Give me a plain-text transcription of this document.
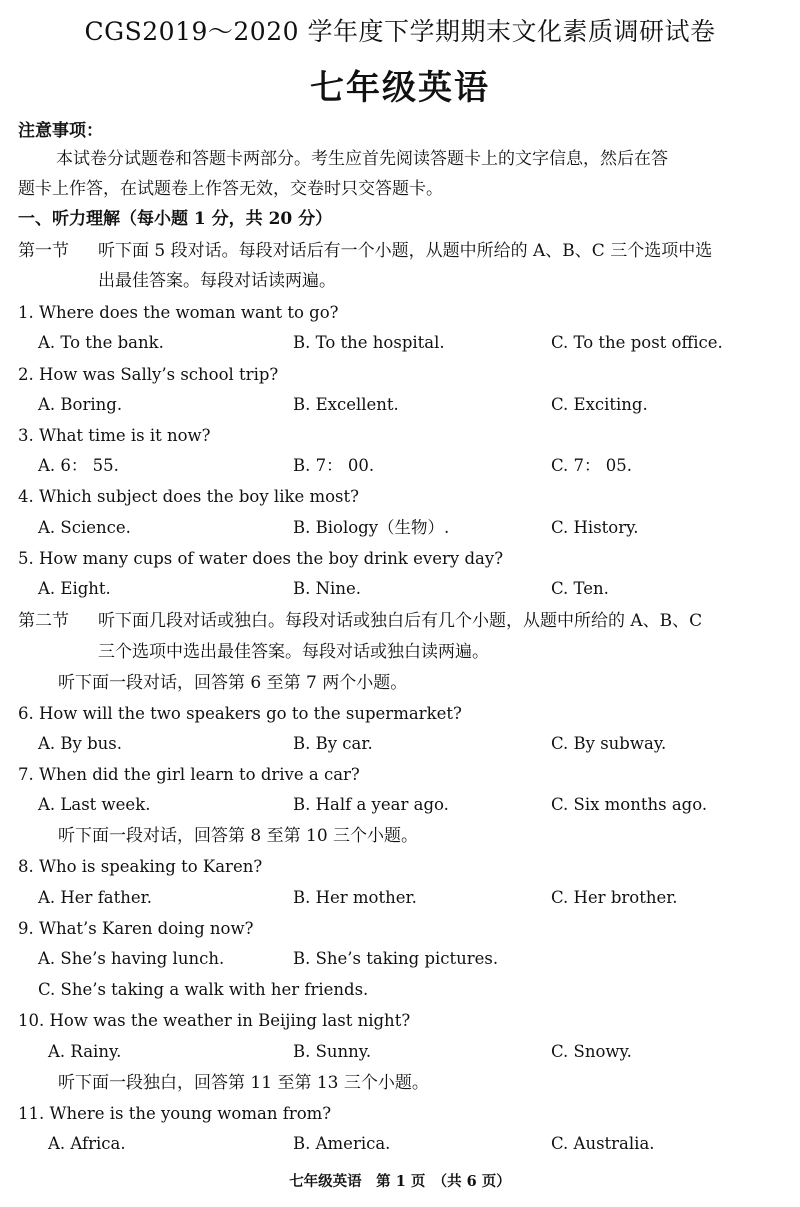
CGS2019～2020 学年度下学期期末文化素质调研试卷
七年级英语
注意事项：
本试卷分试题卷和答题卡两部分。考生应首先阅读答题卡上的文字信息，然后在答
题卡上作答，在试题卷上作答无效，交卷时只交答题卡。
一、听力理解（每小题 1 分，共 20 分）
第一节 听下面 5 段对话。每段对话后有一个小题，从题中所给的 A、B、C 三个选项中选
出最佳答案。每段对话读两遍。
1. Where does the woman want to go?
A. To the bank.	B. To the hospital.	C. To the post office.
2. How was Sally’s school trip?
A. Boring.	B. Excellent.	C. Exciting.
3. What time is it now?
A. 6： 55.	B. 7： 00.	C. 7： 05.
4. Which subject does the boy like most?
A. Science.	B. Biology（生物）.	C. History.
5. How many cups of water does the boy drink every day?
A. Eight.	B. Nine.	C. Ten.
第二节 听下面几段对话或独白。每段对话或独白后有几个小题，从题中所给的 A、B、C
三个选项中选出最佳答案。每段对话或独白读两遍。
听下面一段对话，回答第 6 至第 7 两个小题。
6. How will the two speakers go to the supermarket?
A. By bus.	B. By car.	C. By subway.
7. When did the girl learn to drive a car?
A. Last week.	B. Half a year ago.	C. Six months ago.
听下面一段对话，回答第 8 至第 10 三个小题。
8. Who is speaking to Karen?
A. Her father.	B. Her mother.	C. Her brother.
9. What’s Karen doing now?
A. She’s having lunch.	B. She’s taking pictures.
C. She’s taking a walk with her friends.
10. How was the weather in Beijing last night?
A. Rainy.	B. Sunny.	C. Snowy.
听下面一段独白，回答第 11 至第 13 三个小题。
11. Where is the young woman from?
A. Africa.	B. America.	C. Australia.
七年级英语　第 1 页　（共 6 页）
